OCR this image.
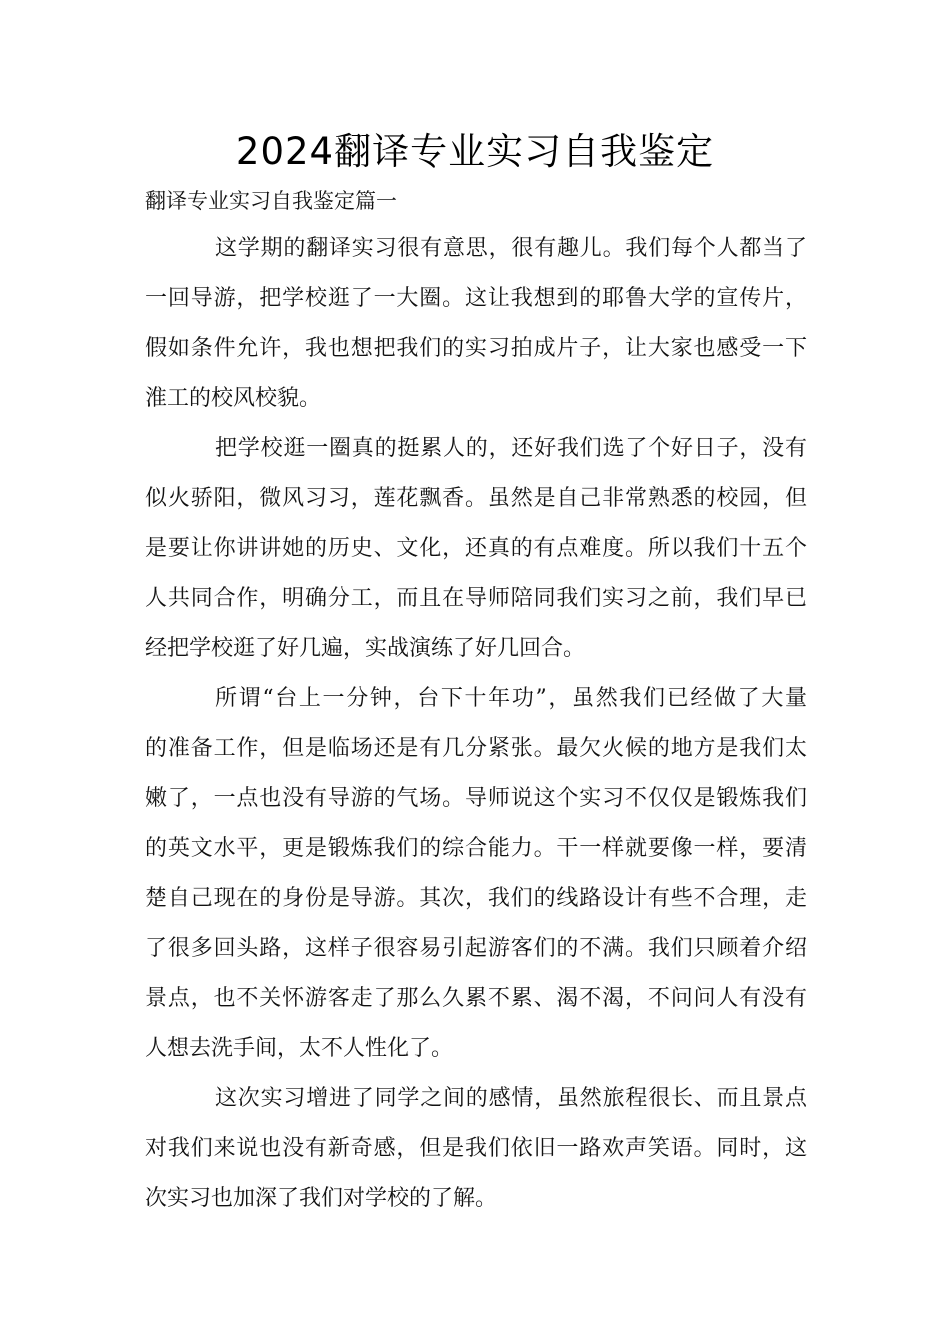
2024翻译专业实习自我鉴定

翻译专业实习自我鉴定篇一

这学期的翻译实习很有意思，很有趣儿。我们每个人都当了
一回导游，把学校逛了一大圈。这让我想到的耶鲁大学的宣传片，
假如条件允许，我也想把我们的实习拍成片子，让大家也感受一下
淮工的校风校貌。
把学校逛一圈真的挺累人的，还好我们选了个好日子，没有
似火骄阳，微风习习，莲花飘香。虽然是自己非常熟悉的校园，但
是要让你讲讲她的历史、文化，还真的有点难度。所以我们十五个
人共同合作，明确分工，而且在导师陪同我们实习之前，我们早已
经把学校逛了好几遍，实战演练了好几回合。
所谓“台上一分钟，台下十年功”，虽然我们已经做了大量
的准备工作，但是临场还是有几分紧张。最欠火候的地方是我们太
嫩了，一点也没有导游的气场。导师说这个实习不仅仅是锻炼我们
的英文水平，更是锻炼我们的综合能力。干一样就要像一样，要清
楚自己现在的身份是导游。其次，我们的线路设计有些不合理，走
了很多回头路，这样子很容易引起游客们的不满。我们只顾着介绍
景点，也不关怀游客走了那么久累不累、渴不渴，不问问人有没有
人想去洗手间，太不人性化了。
这次实习增进了同学之间的感情，虽然旅程很长、而且景点
对我们来说也没有新奇感，但是我们依旧一路欢声笑语。同时，这
次实习也加深了我们对学校的了解。
